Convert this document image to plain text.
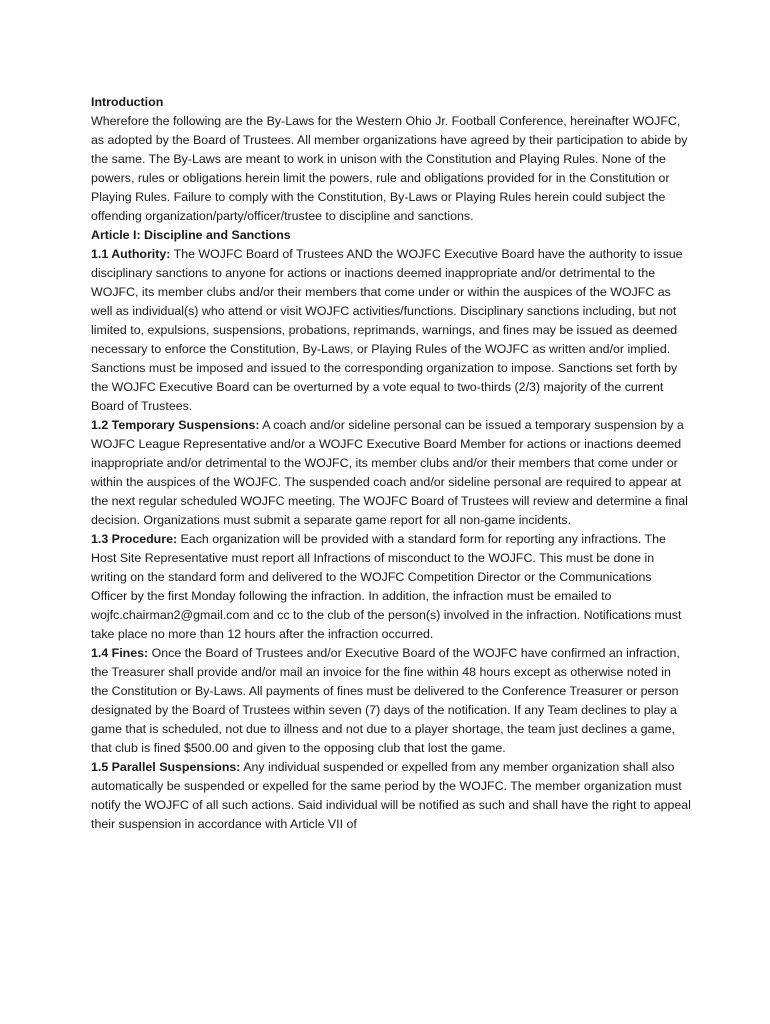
Introduction

Wherefore the following are the By-Laws for the Western Ohio Jr. Football Conference, hereinafter WOJFC, as adopted by the Board of Trustees. All member organizations have agreed by their participation to abide by the same. The By-Laws are meant to work in unison with the Constitution and Playing Rules. None of the powers, rules or obligations herein limit the powers, rule and obligations provided for in the Constitution or Playing Rules. Failure to comply with the Constitution, By-Laws or Playing Rules herein could subject the offending organization/party/officer/trustee to discipline and sanctions.

Article I: Discipline and Sanctions

1.1 Authority: The WOJFC Board of Trustees AND the WOJFC Executive Board have the authority to issue disciplinary sanctions to anyone for actions or inactions deemed inappropriate and/or detrimental to the WOJFC, its member clubs and/or their members that come under or within the auspices of the WOJFC as well as individual(s) who attend or visit WOJFC activities/functions. Disciplinary sanctions including, but not limited to, expulsions, suspensions, probations, reprimands, warnings, and fines may be issued as deemed necessary to enforce the Constitution, By-Laws, or Playing Rules of the WOJFC as written and/or implied. Sanctions must be imposed and issued to the corresponding organization to impose. Sanctions set forth by the WOJFC Executive Board can be overturned by a vote equal to two-thirds (2/3) majority of the current Board of Trustees.

1.2 Temporary Suspensions: A coach and/or sideline personal can be issued a temporary suspension by a WOJFC League Representative and/or a WOJFC Executive Board Member for actions or inactions deemed inappropriate and/or detrimental to the WOJFC, its member clubs and/or their members that come under or within the auspices of the WOJFC. The suspended coach and/or sideline personal are required to appear at the next regular scheduled WOJFC meeting. The WOJFC Board of Trustees will review and determine a final decision. Organizations must submit a separate game report for all non-game incidents.

1.3 Procedure: Each organization will be provided with a standard form for reporting any infractions. The Host Site Representative must report all Infractions of misconduct to the WOJFC. This must be done in writing on the standard form and delivered to the WOJFC Competition Director or the Communications Officer by the first Monday following the infraction. In addition, the infraction must be emailed to wojfc.chairman2@gmail.com and cc to the club of the person(s) involved in the infraction. Notifications must take place no more than 12 hours after the infraction occurred.

1.4 Fines: Once the Board of Trustees and/or Executive Board of the WOJFC have confirmed an infraction, the Treasurer shall provide and/or mail an invoice for the fine within 48 hours except as otherwise noted in the Constitution or By-Laws. All payments of fines must be delivered to the Conference Treasurer or person designated by the Board of Trustees within seven (7) days of the notification. If any Team declines to play a game that is scheduled, not due to illness and not due to a player shortage, the team just declines a game, that club is fined $500.00 and given to the opposing club that lost the game.

1.5 Parallel Suspensions: Any individual suspended or expelled from any member organization shall also automatically be suspended or expelled for the same period by the WOJFC. The member organization must notify the WOJFC of all such actions. Said individual will be notified as such and shall have the right to appeal their suspension in accordance with Article VII of
